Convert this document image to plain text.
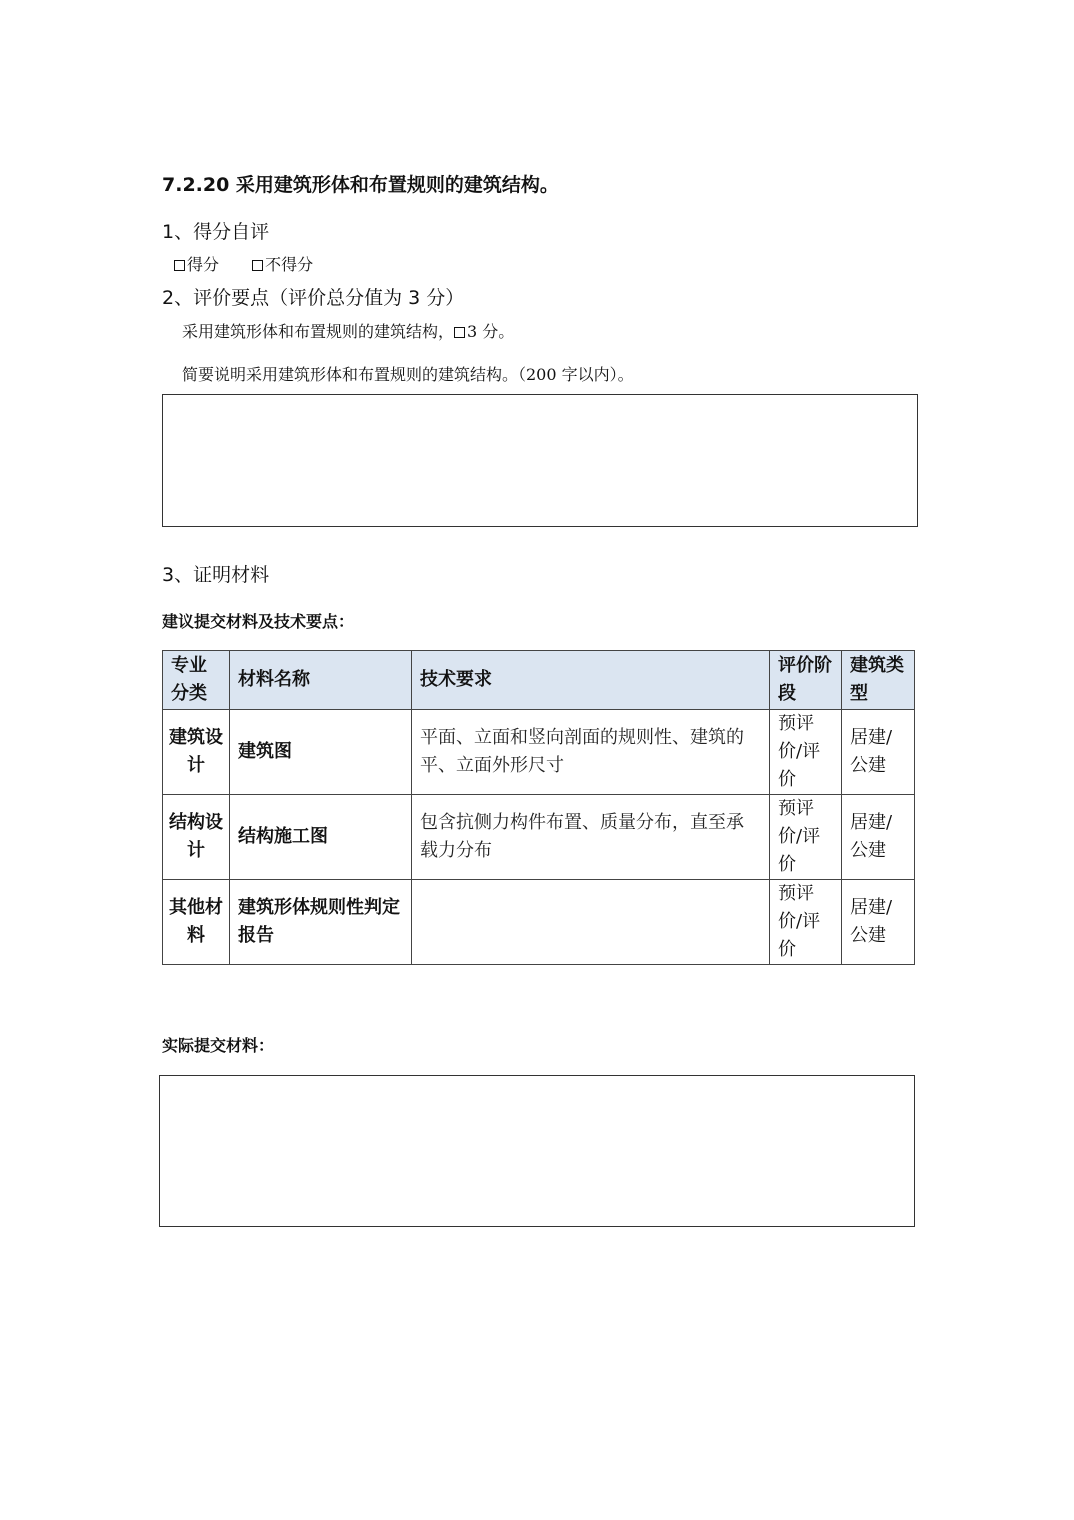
7.2.20 采用建筑形体和布置规则的建筑结构。
1、得分自评
得分	不得分
2、评价要点（评价总分值为 3 分）
采用建筑形体和布置规则的建筑结构， 3 分。
简要说明采用建筑形体和布置规则的建筑结构。（200 字以内）。
3、证明材料
建议提交材料及技术要点：
专业分类	材料名称	技术要求	评价阶段	建筑类型
建筑设计	建筑图	平面、立面和竖向剖面的规则性、建筑的平、立面外形尺寸	预评价/评价	居建/公建
结构设计	结构施工图	包含抗侧力构件布置、质量分布，直至承载力分布	预评价/评价	居建/公建
其他材料	建筑形体规则性判定报告		预评价/评价	居建/公建
实际提交材料：
